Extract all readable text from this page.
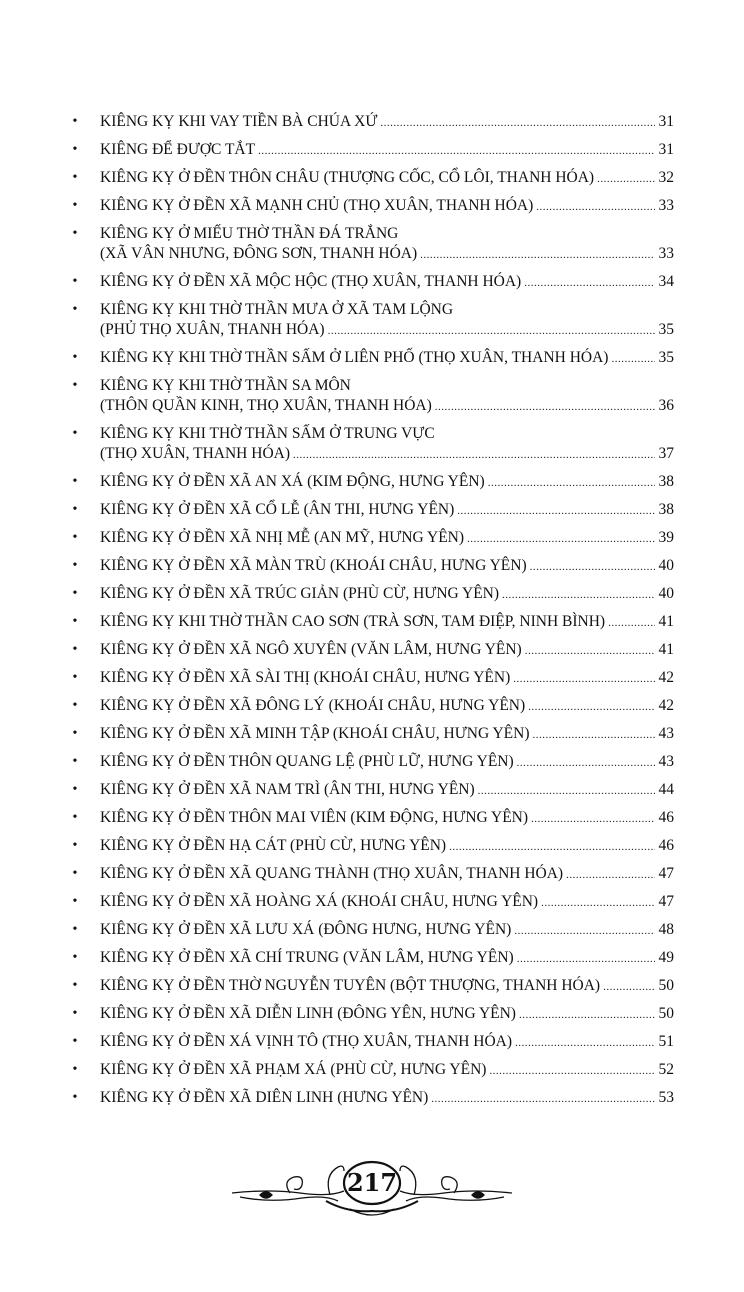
• KIÊNG KỴ KHI VAY TIỀN BÀ CHÚA XỨ .....	31
• KIÊNG ĐỂ ĐƯỢC TẮT .....	31
• KIÊNG KỴ Ở ĐỀN THÔN CHÂU (THƯỢNG CỐC, CỔ LÔI, THANH HÓA) .....	32
• KIÊNG KỴ Ở ĐỀN XÃ MẠNH CHỦ (THỌ XUÂN, THANH HÓA) .....	33
• KIÊNG KỴ Ở MIẾU THỜ THẦN ĐÁ TRẮNG
(XÃ VÂN NHƯNG, ĐÔNG SƠN, THANH HÓA) .....	33
• KIÊNG KỴ Ở ĐỀN XÃ MỘC HỘC (THỌ XUÂN, THANH HÓA) .....	34
• KIÊNG KỴ KHI THỜ THẦN MƯA Ở XÃ TAM LỘNG
(PHỦ THỌ XUÂN, THANH HÓA) .....	35
• KIÊNG KỴ KHI THỜ THẦN SẤM Ở LIÊN PHỐ (THỌ XUÂN, THANH HÓA) .....	35
• KIÊNG KỴ KHI THỜ THẦN SA MÔN
(THÔN QUẦN KINH, THỌ XUÂN, THANH HÓA) .....	36
• KIÊNG KỴ KHI THỜ THẦN SẤM Ở TRUNG VỰC
(THỌ XUÂN, THANH HÓA) .....	37
• KIÊNG KỴ Ở ĐỀN XÃ AN XÁ (KIM ĐỘNG, HƯNG YÊN) .....	38
• KIÊNG KỴ Ở ĐỀN XÃ CỔ LỄ (ÂN THI, HƯNG YÊN) .....	38
• KIÊNG KỴ Ở ĐỀN XÃ NHỊ MỄ (AN MỸ, HƯNG YÊN) .....	39
• KIÊNG KỴ Ở ĐỀN XÃ MÀN TRÙ (KHOÁI CHÂU, HƯNG YÊN) .....	40
• KIÊNG KỴ Ở ĐỀN XÃ TRÚC GIẢN (PHÙ CỪ, HƯNG YÊN) .....	40
• KIÊNG KỴ KHI THỜ THẦN CAO SƠN (TRÀ SƠN, TAM ĐIỆP, NINH BÌNH) .....	41
• KIÊNG KỴ Ở ĐỀN XÃ NGÔ XUYÊN (VĂN LÂM, HƯNG YÊN) .....	41
• KIÊNG KỴ Ở ĐỀN XÃ SÀI THỊ (KHOÁI CHÂU, HƯNG YÊN) .....	42
• KIÊNG KỴ Ở ĐỀN XÃ ĐÔNG LÝ (KHOÁI CHÂU, HƯNG YÊN) .....	42
• KIÊNG KỴ Ở ĐỀN XÃ MINH TẬP (KHOÁI CHÂU, HƯNG YÊN) .....	43
• KIÊNG KỴ Ở ĐỀN THÔN QUANG LỆ (PHÙ LỮ, HƯNG YÊN) .....	43
• KIÊNG KỴ Ở ĐỀN XÃ NAM TRÌ (ÂN THI, HƯNG YÊN) .....	44
• KIÊNG KỴ Ở ĐỀN THÔN MAI VIÊN (KIM ĐỘNG, HƯNG YÊN) .....	46
• KIÊNG KỴ Ở ĐỀN HẠ CÁT (PHÙ CỪ, HƯNG YÊN) .....	46
• KIÊNG KỴ Ở ĐỀN XÃ QUANG THÀNH (THỌ XUÂN, THANH HÓA) .....	47
• KIÊNG KỴ Ở ĐỀN XÃ HOÀNG XÁ (KHOÁI CHÂU, HƯNG YÊN) .....	47
• KIÊNG KỴ Ở ĐỀN XÃ LƯU XÁ (ĐÔNG HƯNG, HƯNG YÊN) .....	48
• KIÊNG KỴ Ở ĐỀN XÃ CHÍ TRUNG (VĂN LÂM, HƯNG YÊN) .....	49
• KIÊNG KỴ Ở ĐỀN THỜ NGUYỄN TUYÊN (BỘT THƯỢNG, THANH HÓA) .....	50
• KIÊNG KỴ Ở ĐỀN XÃ DIỄN LINH (ĐÔNG YÊN, HƯNG YÊN) .....	50
• KIÊNG KỴ Ở ĐỀN XÁ VỊNH TÔ (THỌ XUÂN, THANH HÓA) .....	51
• KIÊNG KỴ Ở ĐỀN XÃ PHẠM XÁ (PHÙ CỪ, HƯNG YÊN) .....	52
• KIÊNG KỴ Ở ĐỀN XÃ DIÊN LINH (HƯNG YÊN) .....	53
217
